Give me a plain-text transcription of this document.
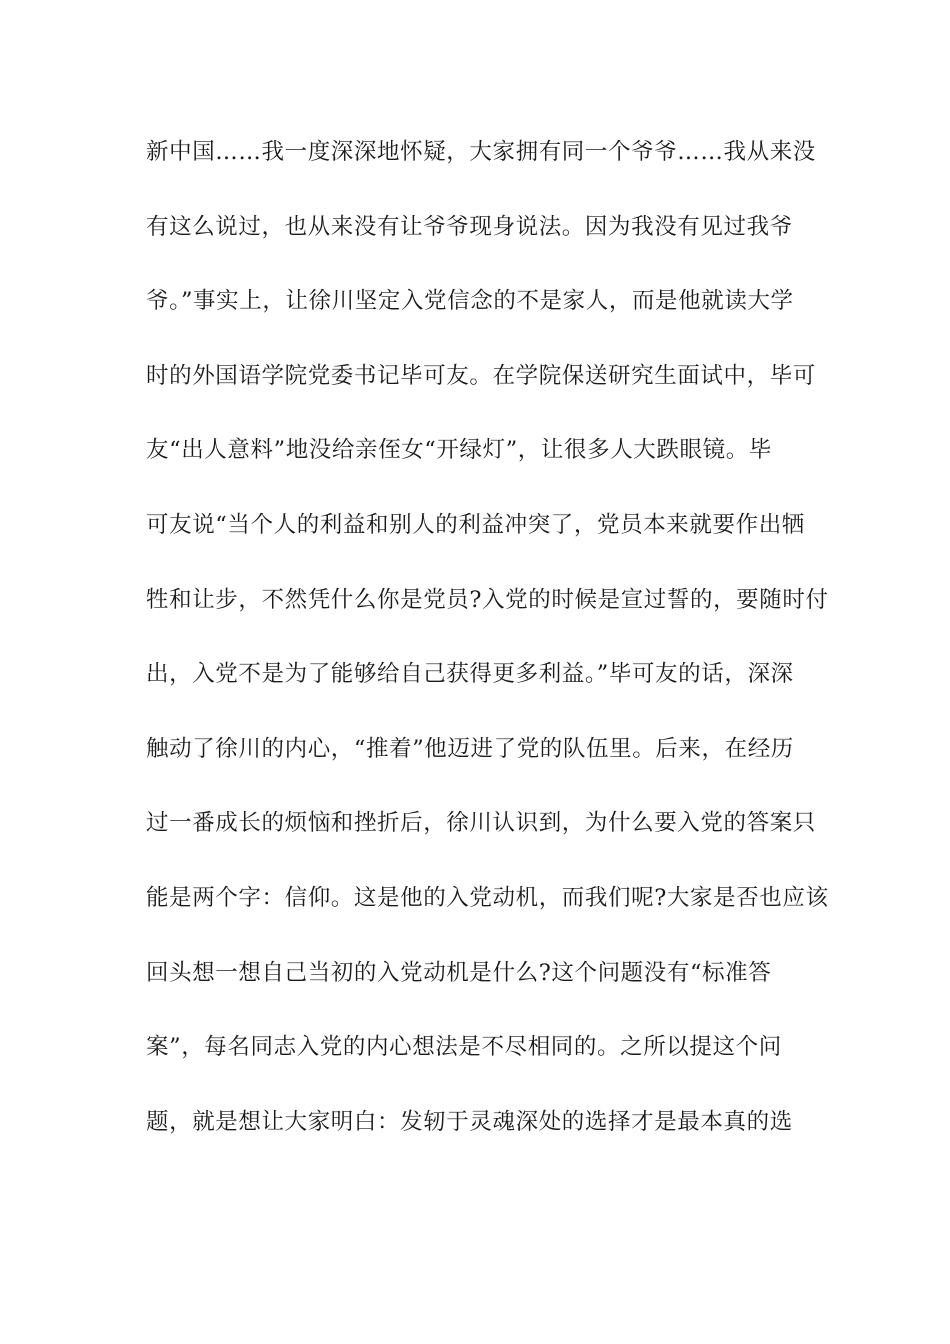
新中国……我一度深深地怀疑，大家拥有同一个爷爷……我从来没
有这么说过，也从来没有让爷爷现身说法。因为我没有见过我爷
爷。”事实上，让徐川坚定入党信念的不是家人，而是他就读大学
时的外国语学院党委书记毕可友。在学院保送研究生面试中，毕可
友“出人意料”地没给亲侄女“开绿灯”，让很多人大跌眼镜。毕
可友说“当个人的利益和别人的利益冲突了，党员本来就要作出牺
牲和让步，不然凭什么你是党员?入党的时候是宣过誓的，要随时付
出，入党不是为了能够给自己获得更多利益。”毕可友的话，深深
触动了徐川的内心，“推着”他迈进了党的队伍里。后来，在经历
过一番成长的烦恼和挫折后，徐川认识到，为什么要入党的答案只
能是两个字：信仰。这是他的入党动机，而我们呢?大家是否也应该
回头想一想自己当初的入党动机是什么?这个问题没有“标准答
案”，每名同志入党的内心想法是不尽相同的。之所以提这个问
题，就是想让大家明白：发轫于灵魂深处的选择才是最本真的选
